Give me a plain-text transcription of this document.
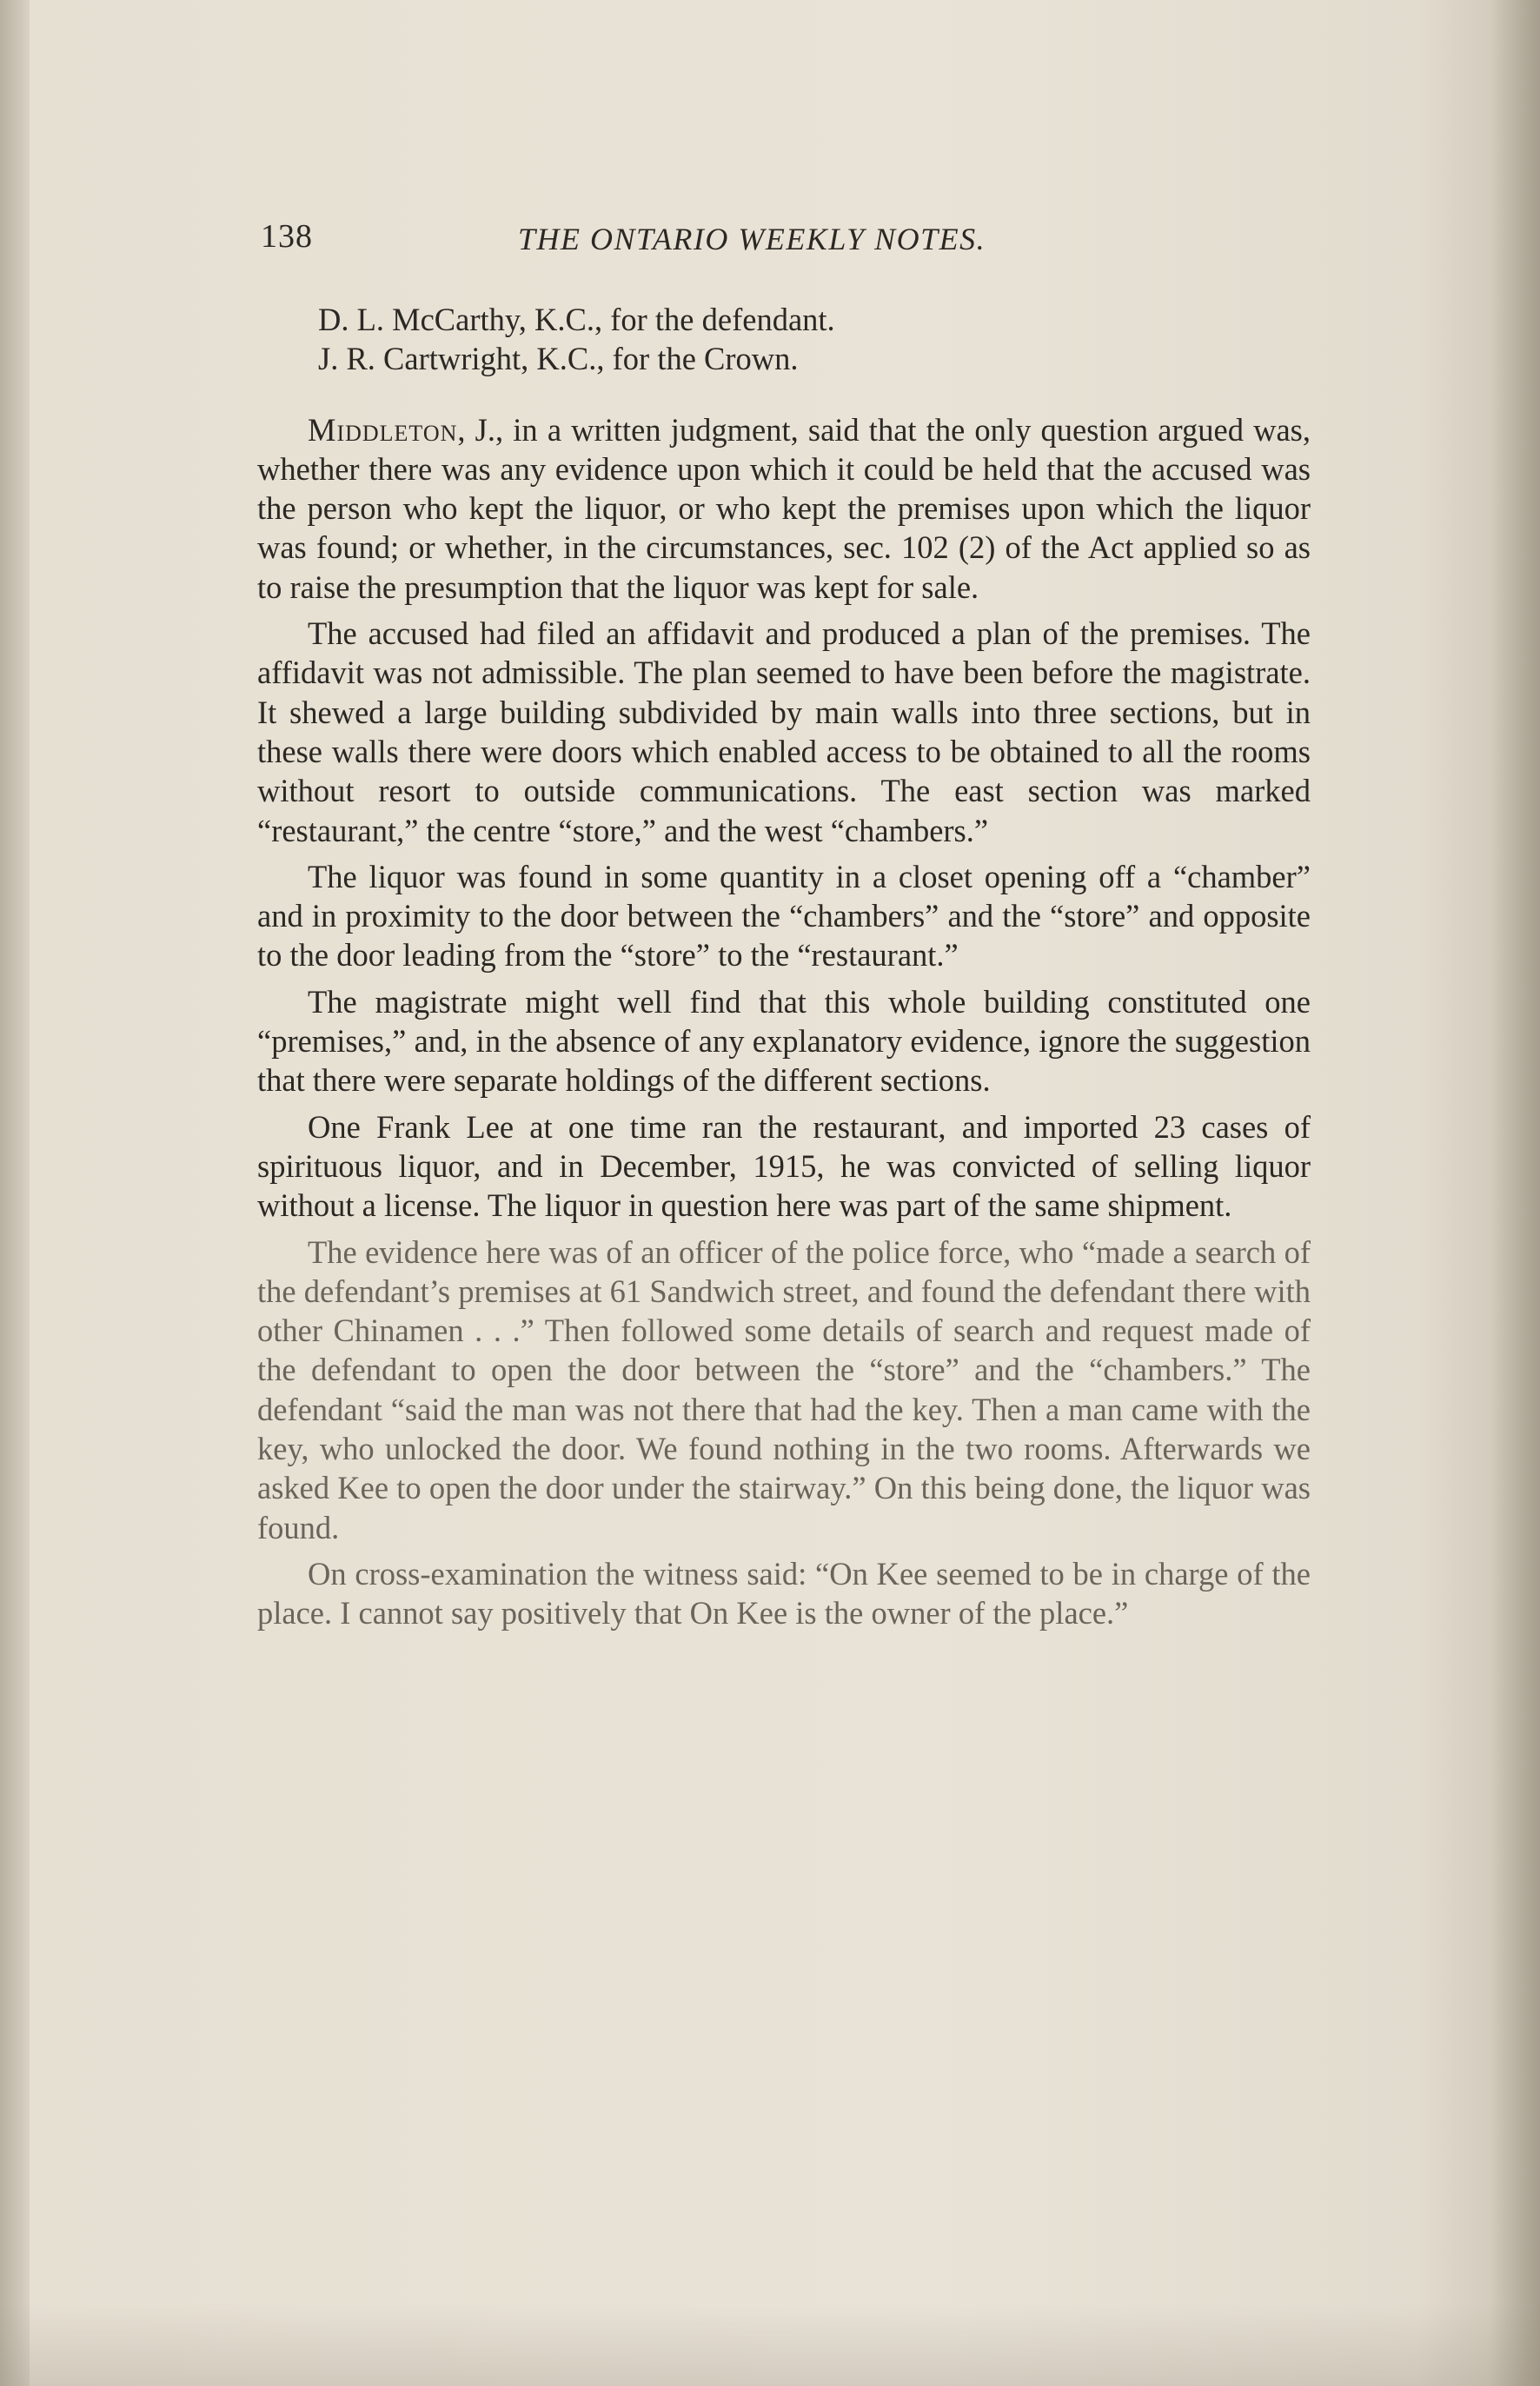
138	THE ONTARIO WEEKLY NOTES.

D. L. McCarthy, K.C., for the defendant.

J. R. Cartwright, K.C., for the Crown.

Middleton, J., in a written judgment, said that the only question argued was, whether there was any evidence upon which it could be held that the accused was the person who kept the liquor, or who kept the premises upon which the liquor was found; or whether, in the circumstances, sec. 102 (2) of the Act applied so as to raise the presumption that the liquor was kept for sale.

The accused had filed an affidavit and produced a plan of the premises. The affidavit was not admissible. The plan seemed to have been before the magistrate. It shewed a large building subdivided by main walls into three sections, but in these walls there were doors which enabled access to be obtained to all the rooms without resort to outside communications. The east section was marked “restaurant,” the centre “store,” and the west “chambers.”

The liquor was found in some quantity in a closet opening off a “chamber” and in proximity to the door between the “chambers” and the “store” and opposite to the door leading from the “store” to the “restaurant.”

The magistrate might well find that this whole building constituted one “premises,” and, in the absence of any explanatory evidence, ignore the suggestion that there were separate holdings of the different sections.

One Frank Lee at one time ran the restaurant, and imported 23 cases of spirituous liquor, and in December, 1915, he was convicted of selling liquor without a license. The liquor in question here was part of the same shipment.

The evidence here was of an officer of the police force, who “made a search of the defendant’s premises at 61 Sandwich street, and found the defendant there with other Chinamen . . .” Then followed some details of search and request made of the defendant to open the door between the “store” and the “chambers.” The defendant “said the man was not there that had the key. Then a man came with the key, who unlocked the door. We found nothing in the two rooms. Afterwards we asked Kee to open the door under the stairway.” On this being done, the liquor was found.

On cross-examination the witness said: “On Kee seemed to be in charge of the place. I cannot say positively that On Kee is the owner of the place.”
